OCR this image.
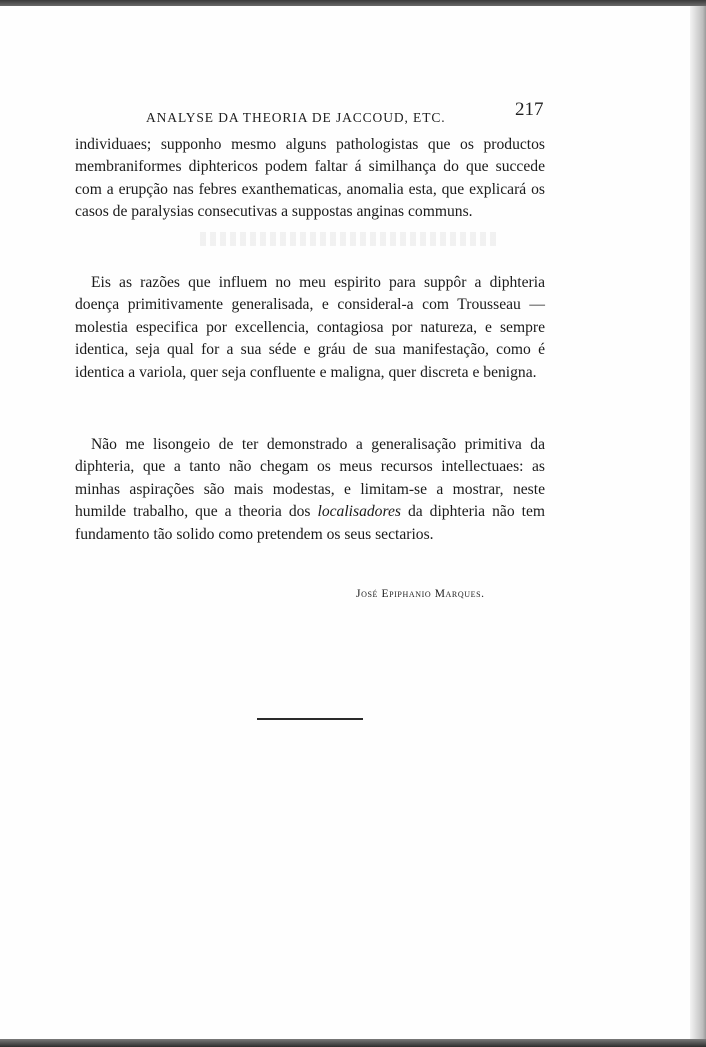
ANALYSE DA THEORIA DE JACCOUD, ETC.	217
individuaes; supponho mesmo alguns pathologistas que os productos membraniformes diphtericos podem faltar á similhança do que succede com a erupção nas febres exanthematicas, anomalia esta, que explicará os casos de paralysias consecutivas a suppostas anginas communs.
Eis as razões que influem no meu espirito para suppôr a diphteria doença primitivamente generalisada, e consideral-a com Trousseau — molestia especifica por excellencia, contagiosa por natureza, e sempre identica, seja qual for a sua séde e gráu de sua manifestação, como é identica a variola, quer seja confluente e maligna, quer discreta e benigna.
Não me lisongeio de ter demonstrado a generalisação primitiva da diphteria, que a tanto não chegam os meus recursos intellectuaes: as minhas aspirações são mais modestas, e limitam-se a mostrar, neste humilde trabalho, que a theoria dos localisadores da diphteria não tem fundamento tão solido como pretendem os seus sectarios.
José Epiphanio Marques.
